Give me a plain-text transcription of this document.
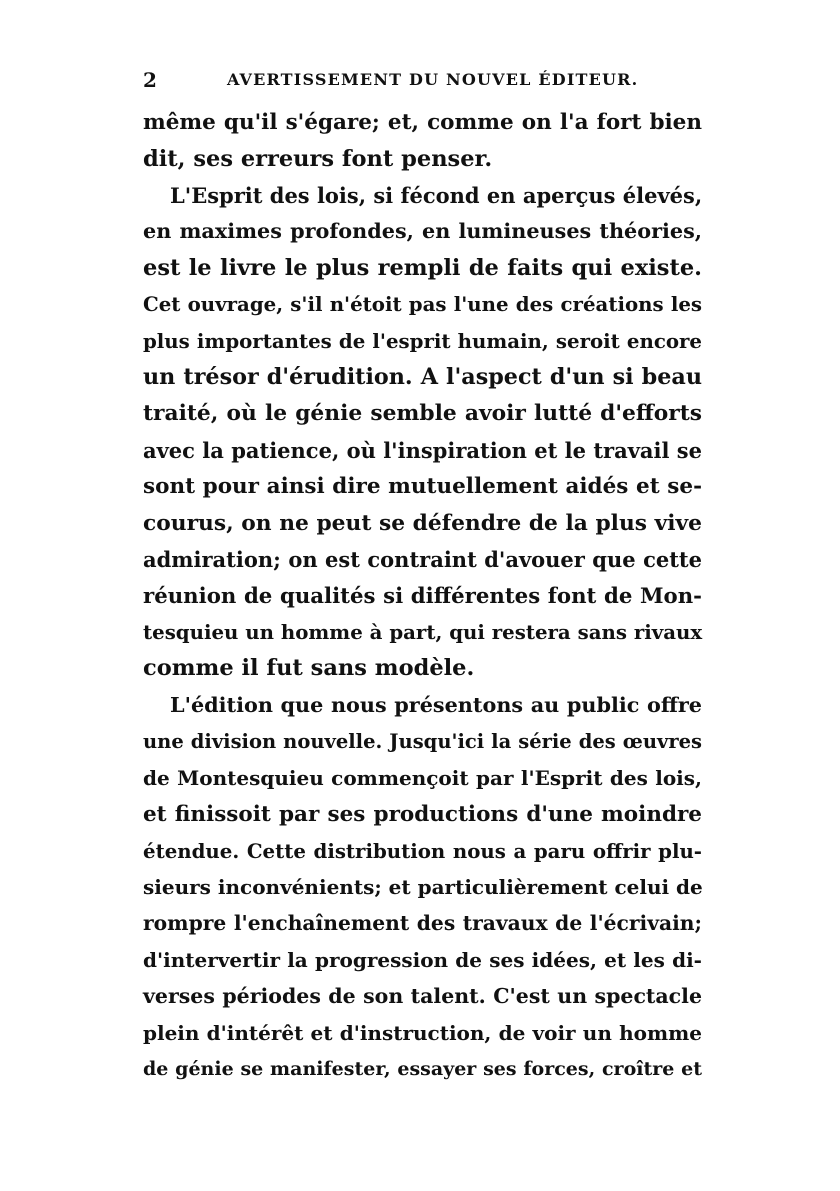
2	AVERTISSEMENT DU NOUVEL ÉDITEUR.
même qu'il s'égare; et, comme on l'a fort bien
dit, ses erreurs font penser.
L'Esprit des lois, si fécond en aperçus élevés,
en maximes profondes, en lumineuses théories,
est le livre le plus rempli de faits qui existe.
Cet ouvrage, s'il n'étoit pas l'une des créations les
plus importantes de l'esprit humain, seroit encore
un trésor d'érudition. A l'aspect d'un si beau
traité, où le génie semble avoir lutté d'efforts
avec la patience, où l'inspiration et le travail se
sont pour ainsi dire mutuellement aidés et se-
courus, on ne peut se défendre de la plus vive
admiration; on est contraint d'avouer que cette
réunion de qualités si différentes font de Mon-
tesquieu un homme à part, qui restera sans rivaux
comme il fut sans modèle.
L'édition que nous présentons au public offre
une division nouvelle. Jusqu'ici la série des œuvres
de Montesquieu commençoit par l'Esprit des lois,
et finissoit par ses productions d'une moindre
étendue. Cette distribution nous a paru offrir plu-
sieurs inconvénients; et particulièrement celui de
rompre l'enchaînement des travaux de l'écrivain;
d'intervertir la progression de ses idées, et les di-
verses périodes de son talent. C'est un spectacle
plein d'intérêt et d'instruction, de voir un homme
de génie se manifester, essayer ses forces, croître et
